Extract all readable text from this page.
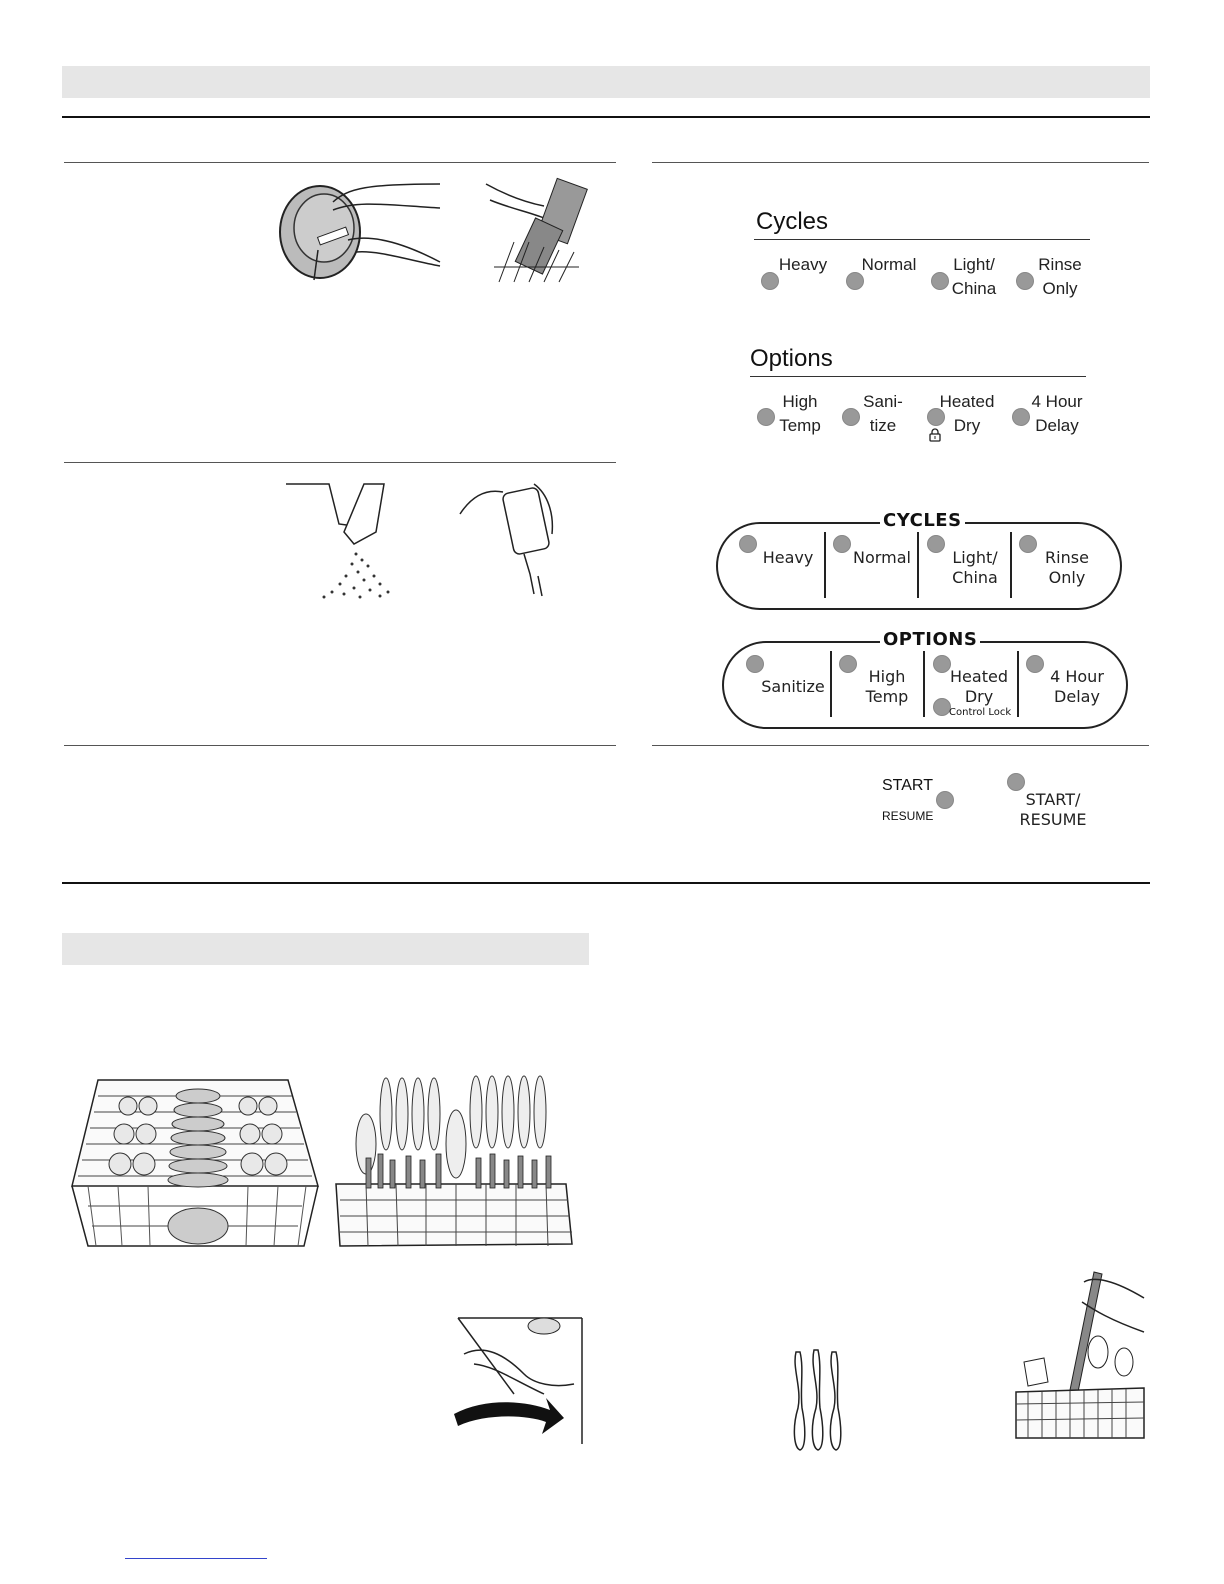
Cycles
Heavy	Normal	Light/
China
Rinse
Only
Options
High
Temp
Sani-
tize
Heated
Dry
4 Hour
Delay
CYCLES
Heavy Normal	Light/
China
Rinse
Only
OPTIONS
Sanitize

High
Temp
Heated
Dry
Control Lock
4 Hour
Delay
START
RESUME
START/
RESUME
